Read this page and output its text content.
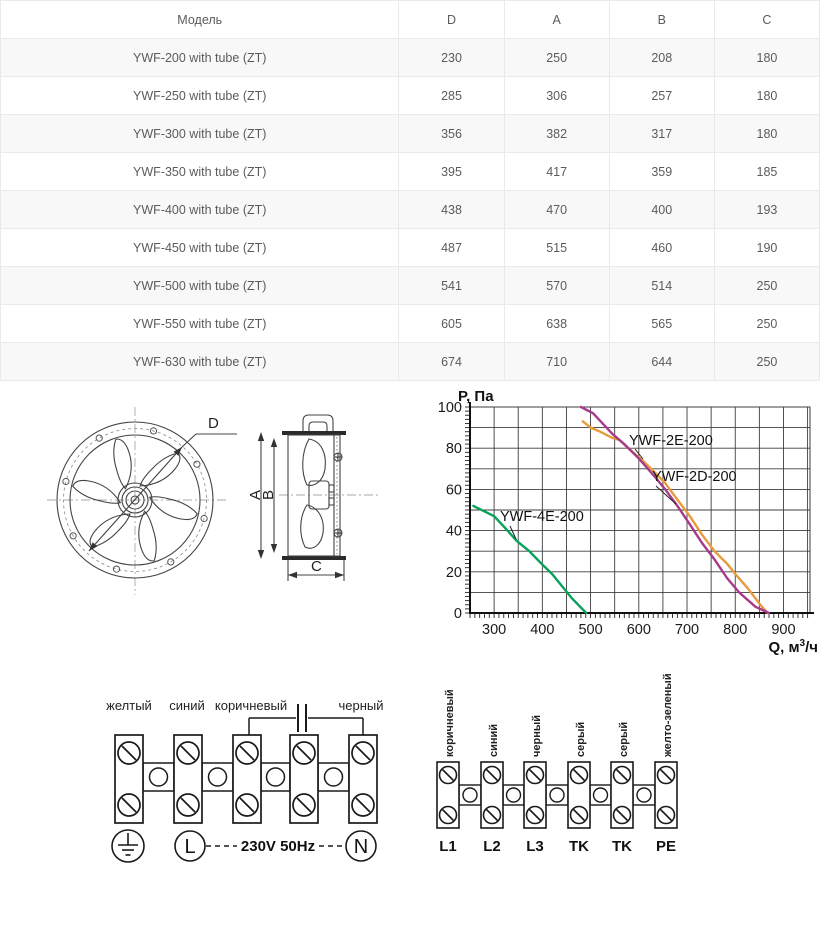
Модель	D	A	B	C
YWF-200 with tube (ZT)	230	250	208	180
YWF-250 with tube (ZT)	285	306	257	180
YWF-300 with tube (ZT)	356	382	317	180
YWF-350 with tube (ZT)	395	417	359	185
YWF-400 with tube (ZT)	438	470	400	193
YWF-450 with tube (ZT)	487	515	460	190
YWF-500 with tube (ZT)	541	570	514	250
YWF-550 with tube (ZT)	605	638	565	250
YWF-630 with tube (ZT)	674	710	644	250
D
A
B
C
300 400 500 600 700 800 900
0
20
40
60
80
100
P, Па
Q, $м^3/ч$
YWF-2E-200
YWF-2D-200
YWF-4E-200
желтый синий коричневый	черный
L	N
230V 50Hz
коричневый	синий	черный	серый	серый	желто-зеленый
L1 L2 L3 TK TK PE
